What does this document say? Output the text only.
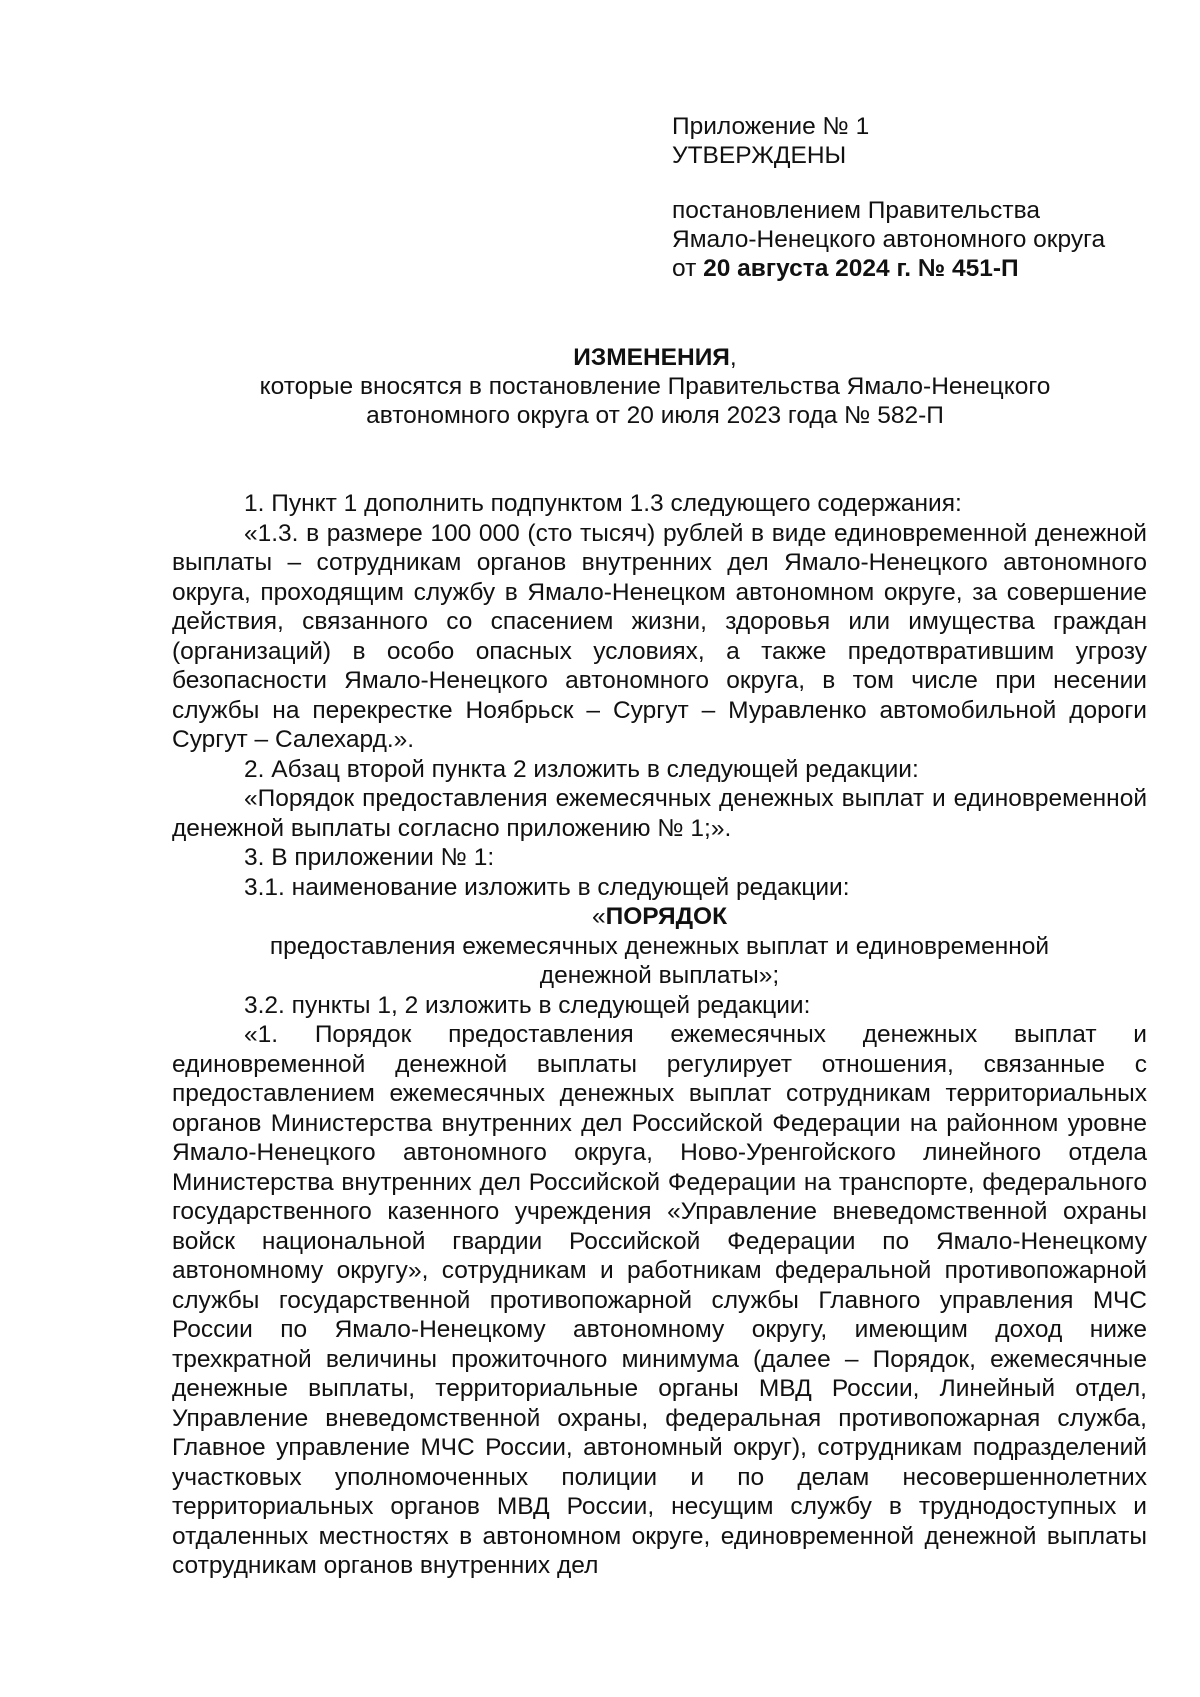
Приложение № 1
УТВЕРЖДЕНЫ
постановлением Правительства
Ямало-Ненецкого автономного округа
от 20 августа 2024 г. № 451-П
ИЗМЕНЕНИЯ,
которые вносятся в постановление Правительства Ямало-Ненецкого
автономного округа от 20 июля 2023 года № 582-П

1. Пункт 1 дополнить подпунктом 1.3 следующего содержания:

«1.3. в размере 100 000 (сто тысяч) рублей в виде единовременной денежной выплаты – сотрудникам органов внутренних дел Ямало-Ненецкого автономного округа, проходящим службу в Ямало-Ненецком автономном округе, за совершение действия, связанного со спасением жизни, здоровья или имущества граждан (организаций) в особо опасных условиях, а также предотвратившим угрозу безопасности Ямало-Ненецкого автономного округа, в том числе при несении службы на перекрестке Ноябрьск – Сургут – Муравленко автомобильной дороги Сургут – Салехард.».

2. Абзац второй пункта 2 изложить в следующей редакции:

«Порядок предоставления ежемесячных денежных выплат и единовременной денежной выплаты согласно приложению № 1;».

3. В приложении № 1:

3.1. наименование изложить в следующей редакции:

«ПОРЯДОК

предоставления ежемесячных денежных выплат и единовременной

денежной выплаты»;

3.2. пункты 1, 2 изложить в следующей редакции:

«1. Порядок предоставления ежемесячных денежных выплат и единовременной денежной выплаты регулирует отношения, связанные с предоставлением ежемесячных денежных выплат сотрудникам территориальных органов Министерства внутренних дел Российской Федерации на районном уровне Ямало-Ненецкого автономного округа, Ново-Уренгойского линейного отдела Министерства внутренних дел Российской Федерации на транспорте, федерального государственного казенного учреждения «Управление вневедомственной охраны войск национальной гвардии Российской Федерации по Ямало-Ненецкому автономному округу», сотрудникам и работникам федеральной противопожарной службы государственной противопожарной службы Главного управления МЧС России по Ямало-Ненецкому автономному округу, имеющим доход ниже трехкратной величины прожиточного минимума (далее – Порядок, ежемесячные денежные выплаты, территориальные органы МВД России, Линейный отдел, Управление вневедомственной охраны, федеральная противопожарная служба, Главное управление МЧС России, автономный округ), сотрудникам подразделений участковых уполномоченных полиции и по делам несовершеннолетних территориальных органов МВД России, несущим службу в труднодоступных и отдаленных местностях в автономном округе, единовременной денежной выплаты сотрудникам органов внутренних дел
